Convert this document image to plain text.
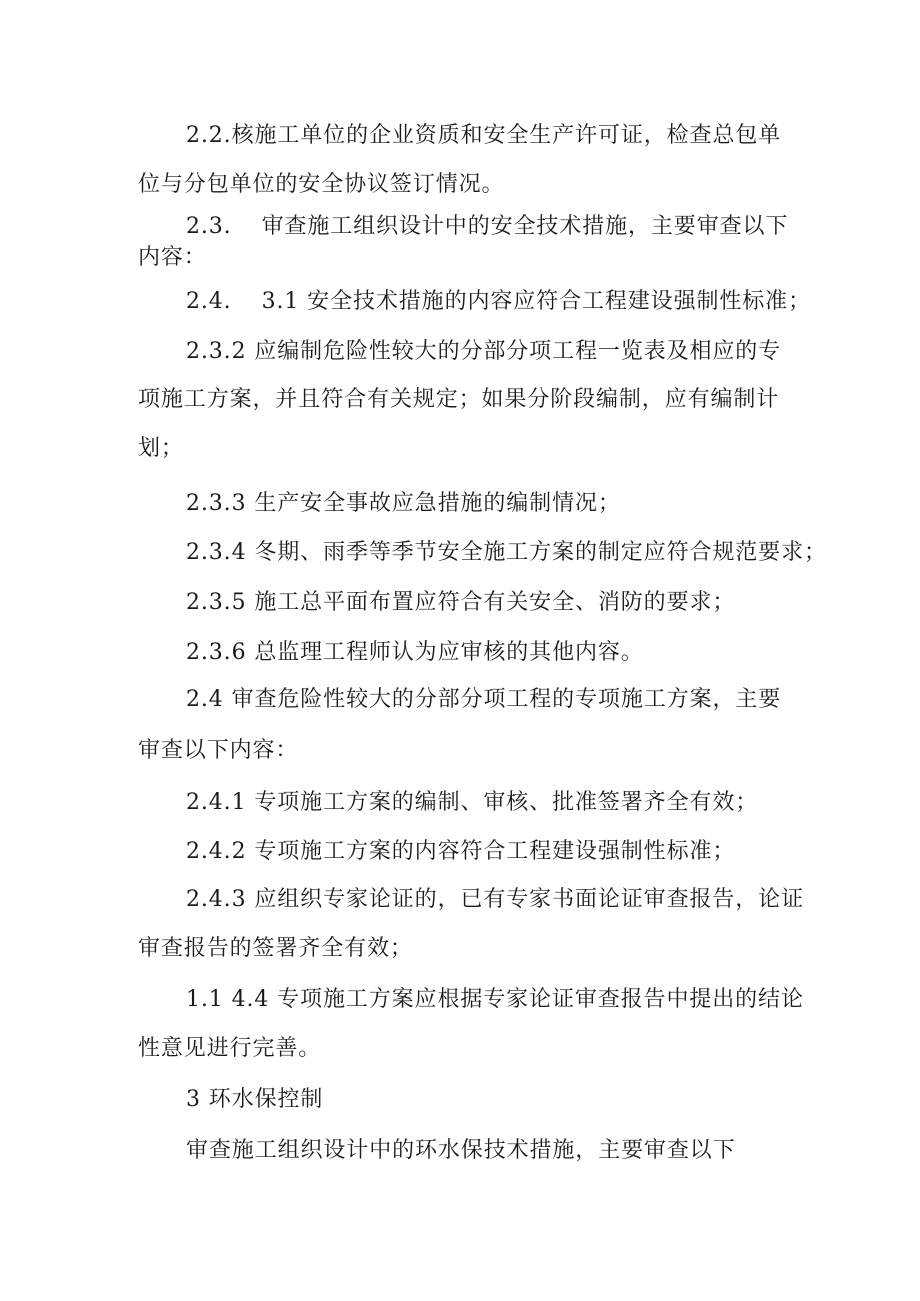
2.2.核施工单位的企业资质和安全生产许可证，检查总包单
位与分包单位的安全协议签订情况。
2.3. 审查施工组织设计中的安全技术措施，主要审查以下
内容：
2.4. 3.1 安全技术措施的内容应符合工程建设强制性标准；
2.3.2 应编制危险性较大的分部分项工程一览表及相应的专
项施工方案，并且符合有关规定；如果分阶段编制，应有编制计
划；
2.3.3 生产安全事故应急措施的编制情况；
2.3.4 冬期、雨季等季节安全施工方案的制定应符合规范要求；
2.3.5 施工总平面布置应符合有关安全、消防的要求；
2.3.6 总监理工程师认为应审核的其他内容。
2.4 审查危险性较大的分部分项工程的专项施工方案，主要
审查以下内容：
2.4.1 专项施工方案的编制、审核、批准签署齐全有效；
2.4.2 专项施工方案的内容符合工程建设强制性标准；
2.4.3 应组织专家论证的，已有专家书面论证审查报告，论证
审查报告的签署齐全有效；
1.1 4.4 专项施工方案应根据专家论证审查报告中提出的结论
性意见进行完善。
3 环水保控制
审查施工组织设计中的环水保技术措施，主要审查以下
